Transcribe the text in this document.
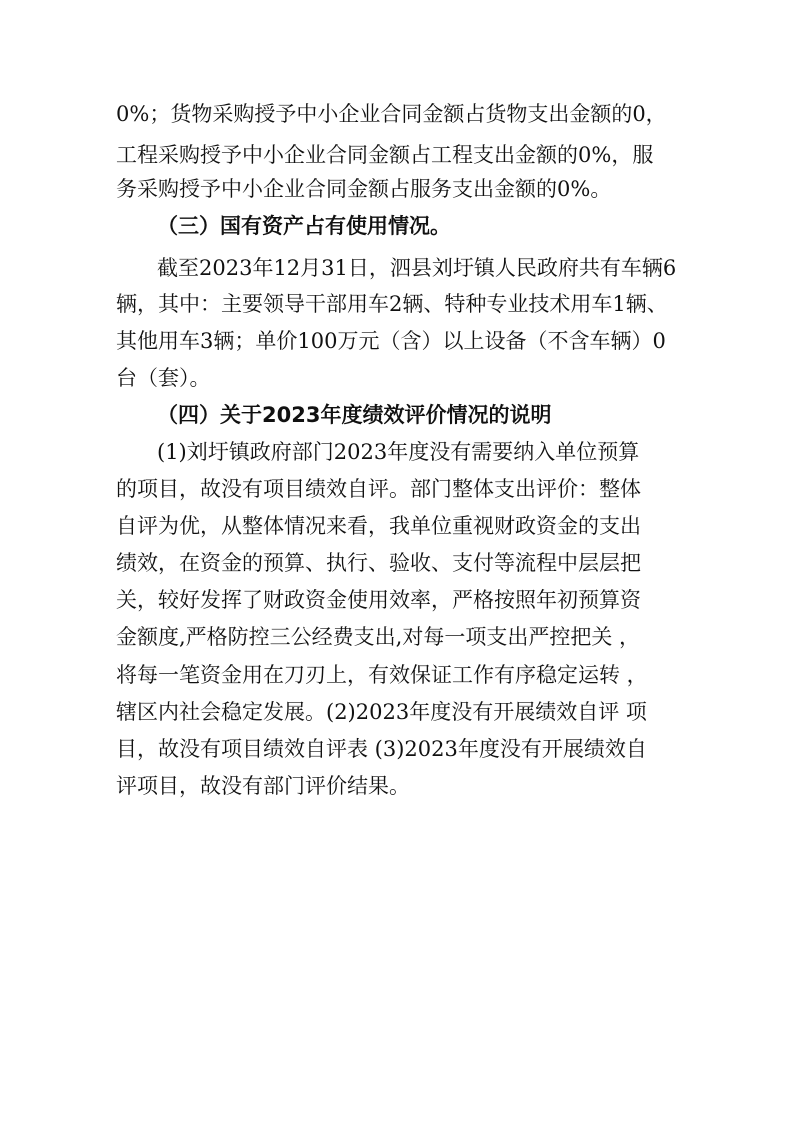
0%；货物采购授予中小企业合同金额占货物支出金额的0，
工程采购授予中小企业合同金额占工程支出金额的0%，服
务采购授予中小企业合同金额占服务支出金额的0%。
（三）国有资产占有使用情况。
截至2023年12月31日，泗县刘圩镇人民政府共有车辆6
辆，其中：主要领导干部用车2辆、特种专业技术用车1辆、
其他用车3辆；单价100万元（含）以上设备（不含车辆）0
台（套）。
（四）关于2023年度绩效评价情况的说明
(1)刘圩镇政府部门2023年度没有需要纳入单位预算
的项目，故没有项目绩效自评。部门整体支出评价：整体
自评为优，从整体情况来看，我单位重视财政资金的支出
绩效，在资金的预算、执行、验收、支付等流程中层层把
关，较好发挥了财政资金使用效率，严格按照年初预算资
金额度,严格防控三公经费支出,对每一项支出严控把关 ，
将每一笔资金用在刀刃上，有效保证工作有序稳定运转 ，
辖区内社会稳定发展。(2)2023年度没有开展绩效自评 项
目，故没有项目绩效自评表 (3)2023年度没有开展绩效自
评项目，故没有部门评价结果。
